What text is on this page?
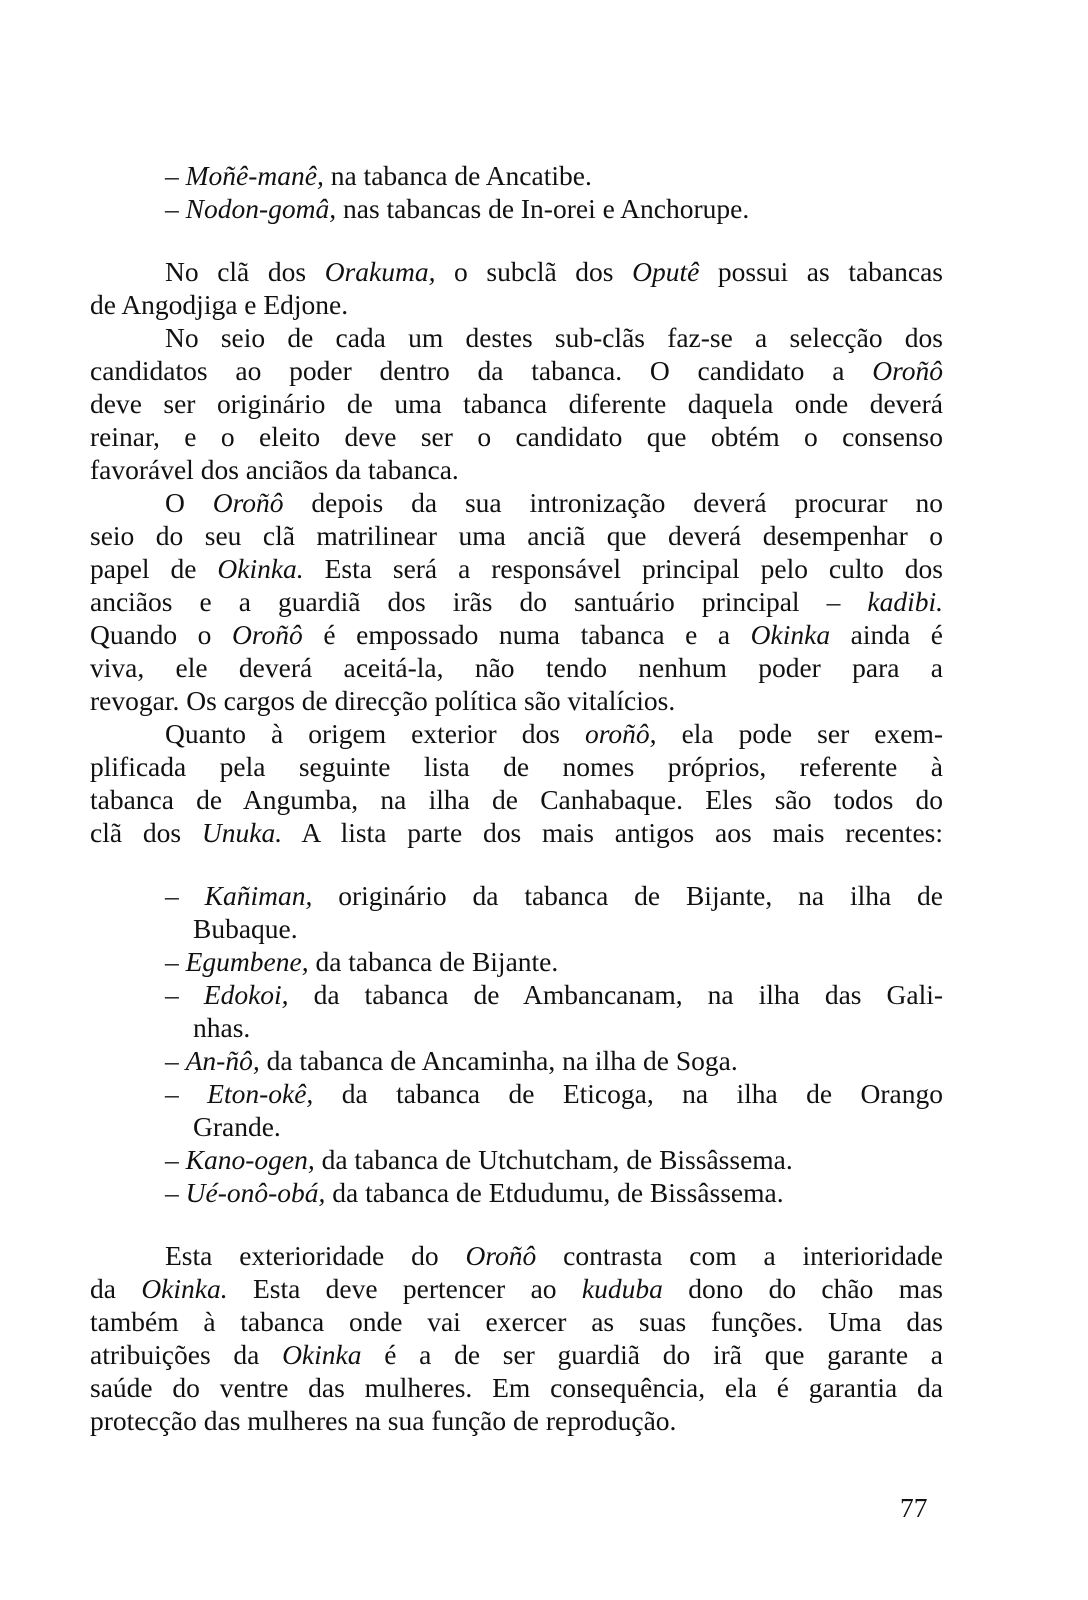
– Moñê-manê, na tabanca de Ancatibe.
– Nodon-gomâ, nas tabancas de In-orei e Anchorupe.
No clã dos Orakuma, o subclã dos Oputê possui as tabancas
de Angodjiga e Edjone.
No seio de cada um destes sub-clãs faz-se a selecção dos
candidatos ao poder dentro da tabanca. O candidato a Oroñô
deve ser originário de uma tabanca diferente daquela onde deverá
reinar, e o eleito deve ser o candidato que obtém o consenso
favorável dos anciãos da tabanca.
O Oroñô depois da sua intronização deverá procurar no
seio do seu clã matrilinear uma anciã que deverá desempenhar o
papel de Okinka. Esta será a responsável principal pelo culto dos
anciãos e a guardiã dos irãs do santuário principal – kadibi.
Quando o Oroñô é empossado numa tabanca e a Okinka ainda é
viva, ele deverá aceitá-la, não tendo nenhum poder para a
revogar. Os cargos de direcção política são vitalícios.
Quanto à origem exterior dos oroñô, ela pode ser exem-
plificada pela seguinte lista de nomes próprios, referente à
tabanca de Angumba, na ilha de Canhabaque. Eles são todos do
clã dos Unuka. A lista parte dos mais antigos aos mais recentes:
– Kañiman, originário da tabanca de Bijante, na ilha de
Bubaque.
– Egumbene, da tabanca de Bijante.
– Edokoi, da tabanca de Ambancanam, na ilha das Gali-
nhas.
– An-ñô, da tabanca de Ancaminha, na ilha de Soga.
– Eton-okê, da tabanca de Eticoga, na ilha de Orango
Grande.
– Kano-ogen, da tabanca de Utchutcham, de Bissâssema.
– Ué-onô-obá, da tabanca de Etdudumu, de Bissâssema.
Esta exterioridade do Oroñô contrasta com a interioridade
da Okinka. Esta deve pertencer ao kuduba dono do chão mas
também à tabanca onde vai exercer as suas funções. Uma das
atribuições da Okinka é a de ser guardiã do irã que garante a
saúde do ventre das mulheres. Em consequência, ela é garantia da
protecção das mulheres na sua função de reprodução.
77
